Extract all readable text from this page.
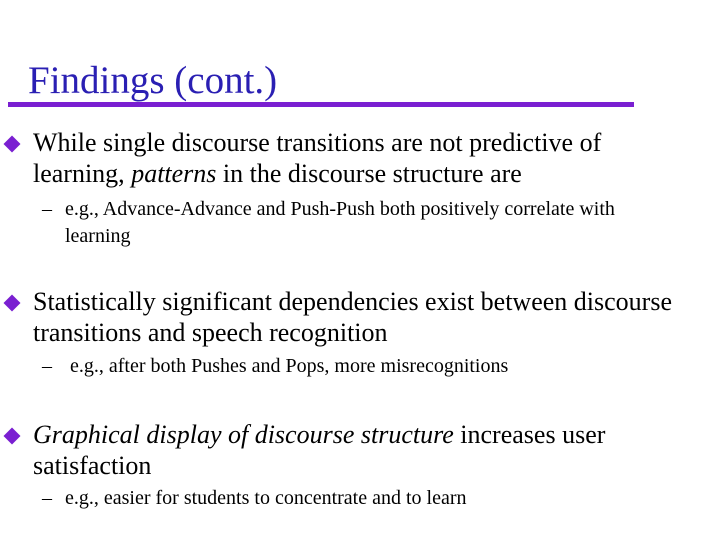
Findings (cont.)
While single discourse transitions are not predictive of learning, patterns in the discourse structure are
– e.g., Advance-Advance and Push-Push both positively correlate with learning
Statistically significant dependencies exist between discourse transitions and speech recognition
– e.g., after both Pushes and Pops, more misrecognitions
Graphical display of discourse structure increases user satisfaction
– e.g., easier for students to concentrate and to learn
